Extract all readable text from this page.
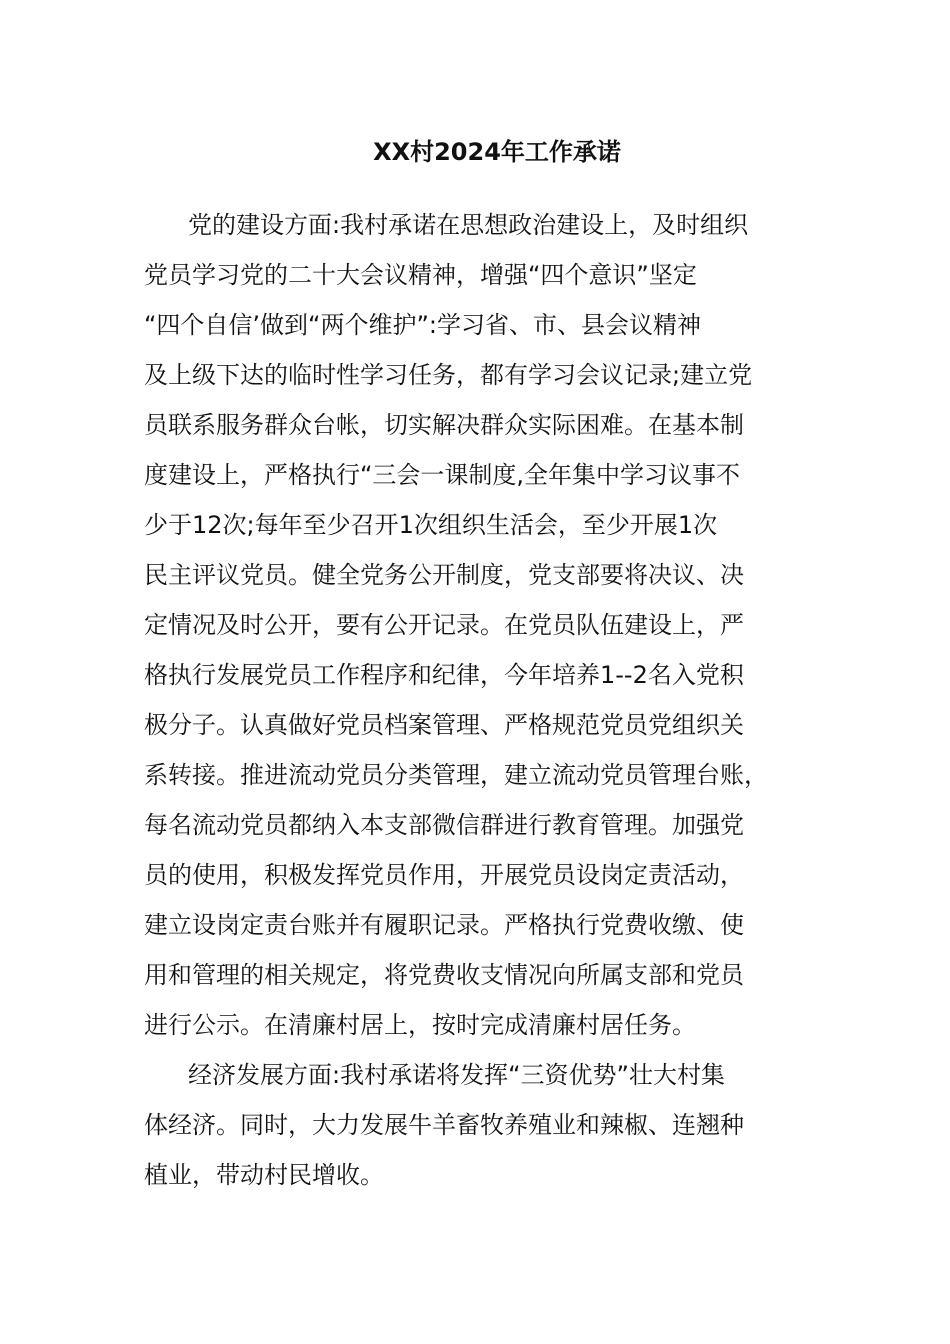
XX村2024年工作承诺

党的建设方面:我村承诺在思想政治建设上，及时组织

党员学习党的二十大会议精神，增强“四个意识”坚定

“四个自信’做到“两个维护”:学习省、市、县会议精神

及上级下达的临时性学习任务，都有学习会议记录;建立党

员联系服务群众台帐，切实解决群众实际困难。在基本制

度建设上，严格执行“三会一课制度,全年集中学习议事不

少于12次;每年至少召开1次组织生活会，至少开展1次

民主评议党员。健全党务公开制度，党支部要将决议、决

定情况及时公开，要有公开记录。在党员队伍建设上，严

格执行发展党员工作程序和纪律，今年培养1--2名入党积

极分子。认真做好党员档案管理、严格规范党员党组织关

系转接。推进流动党员分类管理，建立流动党员管理台账，

每名流动党员都纳入本支部微信群进行教育管理。加强党

员的使用，积极发挥党员作用，开展党员设岗定责活动，

建立设岗定责台账并有履职记录。严格执行党费收缴、使

用和管理的相关规定，将党费收支情况向所属支部和党员

进行公示。在清廉村居上，按时完成清廉村居任务。

经济发展方面:我村承诺将发挥“三资优势”壮大村集

体经济。同时，大力发展牛羊畜牧养殖业和辣椒、连翘种

植业，带动村民增收。
